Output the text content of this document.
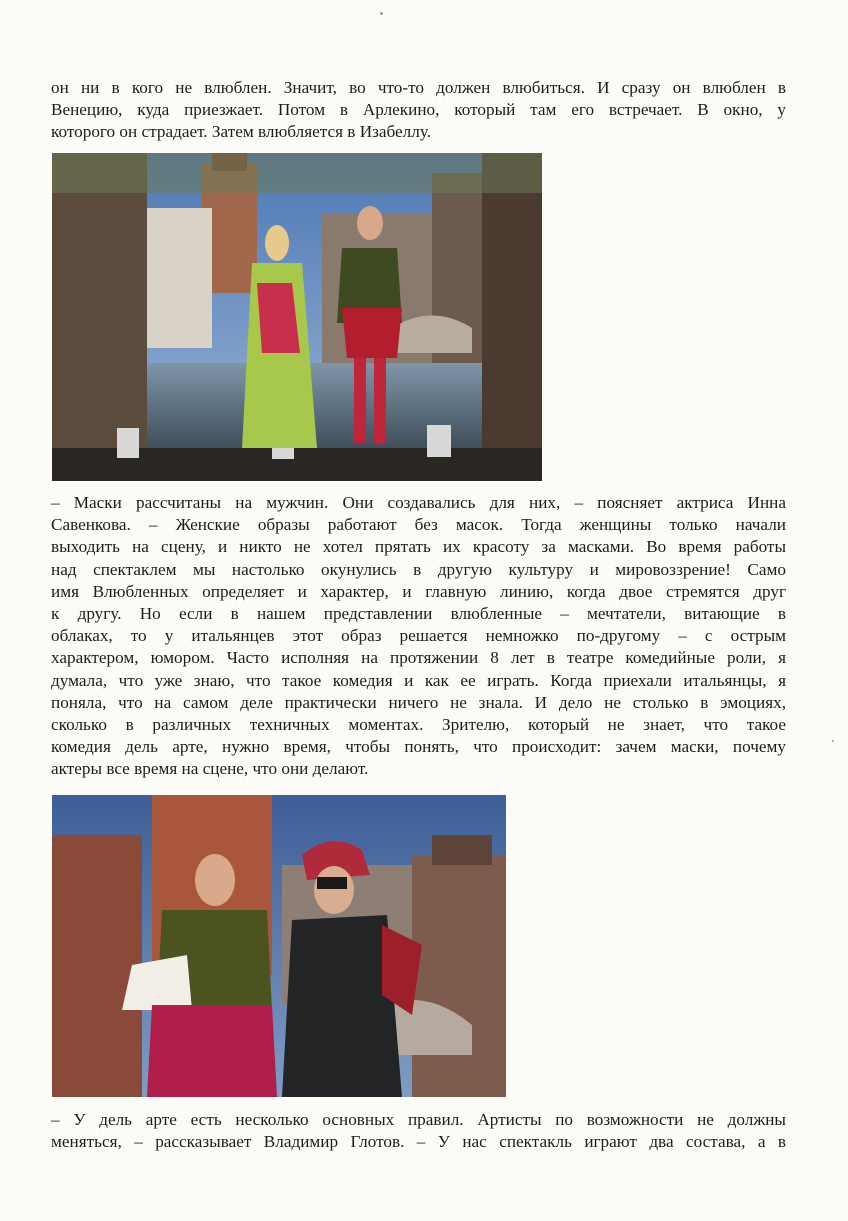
он ни в кого не влюблен. Значит, во что-то должен влюбиться. И сразу он влюблен в
Венецию, куда приезжает. Потом в Арлекино, который там его встречает. В окно, у
которого он страдает. Затем влюбляется в Изабеллу.

– Маски рассчитаны на мужчин. Они создавались для них, – поясняет актриса Инна
Савенкова. – Женские образы работают без масок. Тогда женщины только начали
выходить на сцену, и никто не хотел прятать их красоту за масками. Во время работы
над спектаклем мы настолько окунулись в другую культуру и мировоззрение! Само
имя Влюбленных определяет и характер, и главную линию, когда двое стремятся друг
к другу. Но если в нашем представлении влюбленные – мечтатели, витающие в
облаках, то у итальянцев этот образ решается немножко по-другому – с острым
характером, юмором. Часто исполняя на протяжении 8 лет в театре комедийные роли, я
думала, что уже знаю, что такое комедия и как ее играть. Когда приехали итальянцы, я
поняла, что на самом деле практически ничего не знала. И дело не столько в эмоциях,
сколько в различных техничных моментах. Зрителю, который не знает, что такое
комедия дель арте, нужно время, чтобы понять, что происходит: зачем маски, почему
актеры все время на сцене, что они делают.

– У дель арте есть несколько основных правил. Артисты по возможности не должны
меняться, – рассказывает Владимир Глотов. – У нас спектакль играют два состава, а в
